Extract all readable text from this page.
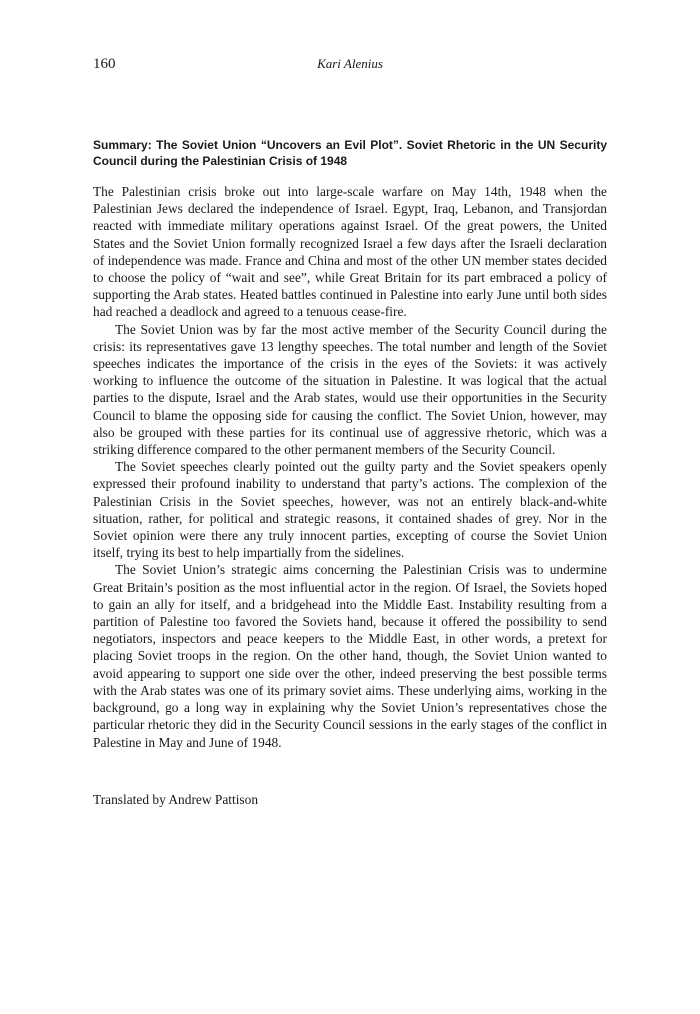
160	Kari Alenius
Summary: The Soviet Union “Uncovers an Evil Plot”. Soviet Rhetoric in the UN Security Council during the Palestinian Crisis of 1948

The Palestinian crisis broke out into large-scale warfare on May 14th, 1948 when the Palestinian Jews declared the independence of Israel. Egypt, Iraq, Lebanon, and Transjordan reacted with immediate military operations against Israel. Of the great powers, the United States and the Soviet Union formally recognized Israel a few days after the Israeli declaration of independence was made. France and China and most of the other UN member states decided to choose the policy of “wait and see”, while Great Britain for its part embraced a policy of supporting the Arab states. Heated battles continued in Palestine into early June until both sides had reached a deadlock and agreed to a tenuous cease-fire.

The Soviet Union was by far the most active member of the Security Council during the crisis: its representatives gave 13 lengthy speeches. The total number and length of the Soviet speeches indicates the importance of the crisis in the eyes of the Soviets: it was actively working to influence the outcome of the situation in Palestine. It was logical that the actual parties to the dispute, Israel and the Arab states, would use their opportunities in the Security Council to blame the opposing side for causing the conflict. The Soviet Union, however, may also be grouped with these parties for its continual use of aggressive rhetoric, which was a striking difference compared to the other permanent members of the Security Council.

The Soviet speeches clearly pointed out the guilty party and the Soviet speakers openly expressed their profound inability to understand that party’s actions. The complexion of the Palestinian Crisis in the Soviet speeches, however, was not an entirely black-and-white situation, rather, for political and strategic reasons, it contained shades of grey. Nor in the Soviet opinion were there any truly innocent parties, excepting of course the Soviet Union itself, trying its best to help impartially from the sidelines.

The Soviet Union’s strategic aims concerning the Palestinian Crisis was to undermine Great Britain’s position as the most influential actor in the region. Of Israel, the Soviets hoped to gain an ally for itself, and a bridgehead into the Middle East. Instability resulting from a partition of Palestine too favored the Soviets hand, because it offered the possibility to send negotiators, inspectors and peace keepers to the Middle East, in other words, a pretext for placing Soviet troops in the region. On the other hand, though, the Soviet Union wanted to avoid appearing to support one side over the other, indeed preserving the best possible terms with the Arab states was one of its primary soviet aims. These underlying aims, working in the background, go a long way in explaining why the Soviet Union’s representatives chose the particular rhetoric they did in the Security Council sessions in the early stages of the conflict in Palestine in May and June of 1948.

Translated by Andrew Pattison
